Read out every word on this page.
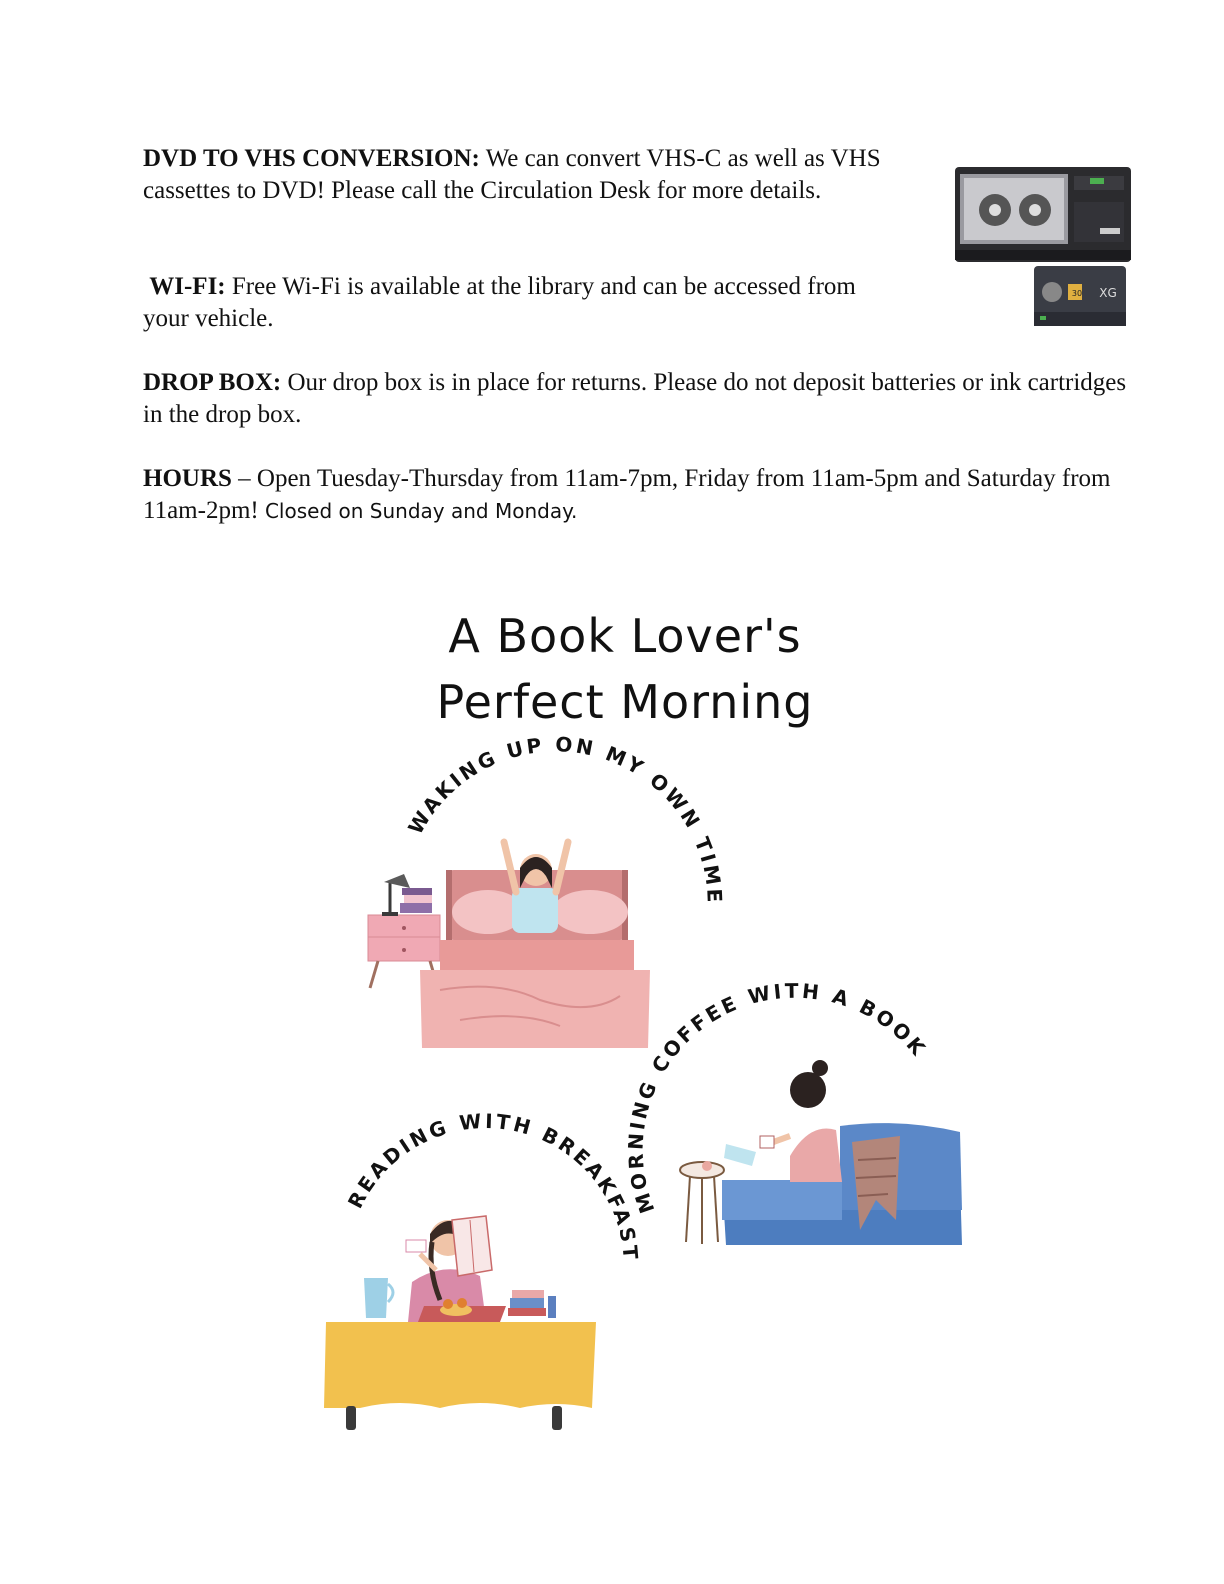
DVD TO VHS CONVERSION: We can convert VHS-C as well as VHS cassettes to DVD! Please call the Circulation Desk for more details.

WI-FI: Free Wi-Fi is available at the library and can be accessed from your vehicle.

DROP BOX: Our drop box is in place for returns. Please do not deposit batteries or ink cartridges in the drop box.

HOURS – Open Tuesday-Thursday from 11am-7pm, Friday from 11am-5pm and Saturday from 11am-2pm! Closed on Sunday and Monday.

30 XG
A Book Lover's
Perfect Morning
WAKING UP ON MY OWN TIME
MORNING COFFEE WITH A BOOK
READING WITH BREAKFAST
